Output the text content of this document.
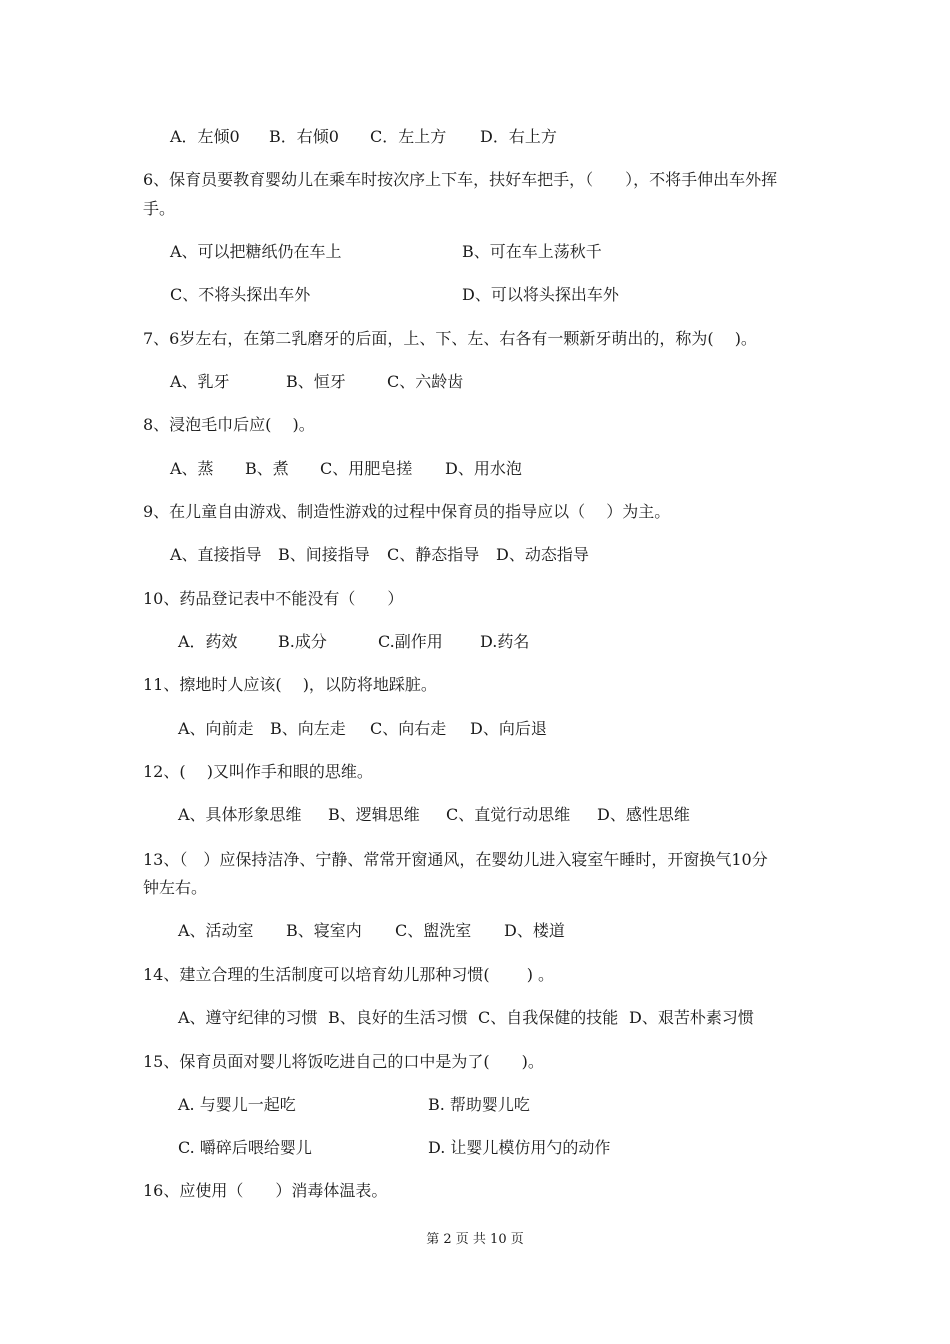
A．左倾0 B．右倾0 C．左上方 D．右上方
6、保育员要教育婴幼儿在乘车时按次序上下车，扶好车把手，（　　），不将手伸出车外挥
手。
A、可以把糖纸仍在车上	B、可在车上荡秋千
C、不将头探出车外	D、可以将头探出车外
7、6岁左右，在第二乳磨牙的后面，上、下、左、右各有一颗新牙萌出的，称为(　 )。
A、乳牙	B、恒牙	C、六龄齿
8、浸泡毛巾后应(　 )。
A、蒸 B、煮 C、用肥皂搓 D、用水泡
9、在儿童自由游戏、制造性游戏的过程中保育员的指导应以（　 ）为主。
A、直接指导 B、间接指导 C、静态指导 D、动态指导
10、药品登记表中不能没有（　　）
A．药效	B.成分	C.副作用 D.药名
11、擦地时人应该(　 )，以防将地踩脏。
A、向前走 B、向左走 C、向右走 D、向后退
12、(　 )又叫作手和眼的思维。
A、具体形象思维 B、逻辑思维 C、直觉行动思维 D、感性思维
13、（　）应保持洁净、宁静、常常开窗通风，在婴幼儿进入寝室午睡时，开窗换气10分
钟左右。
A、活动室 B、寝室内 C、盥洗室 D、楼道
14、建立合理的生活制度可以培育幼儿那种习惯(　　 ) 。
A、遵守纪律的习惯 B、良好的生活习惯 C、自我保健的技能 D、艰苦朴素习惯
15、保育员面对婴儿将饭吃进自己的口中是为了(　　)。
A. 与婴儿一起吃	B. 帮助婴儿吃
C. 嚼碎后喂给婴儿	D. 让婴儿模仿用勺的动作
16、应使用（　　）消毒体温表。
第 2 页 共 10 页
